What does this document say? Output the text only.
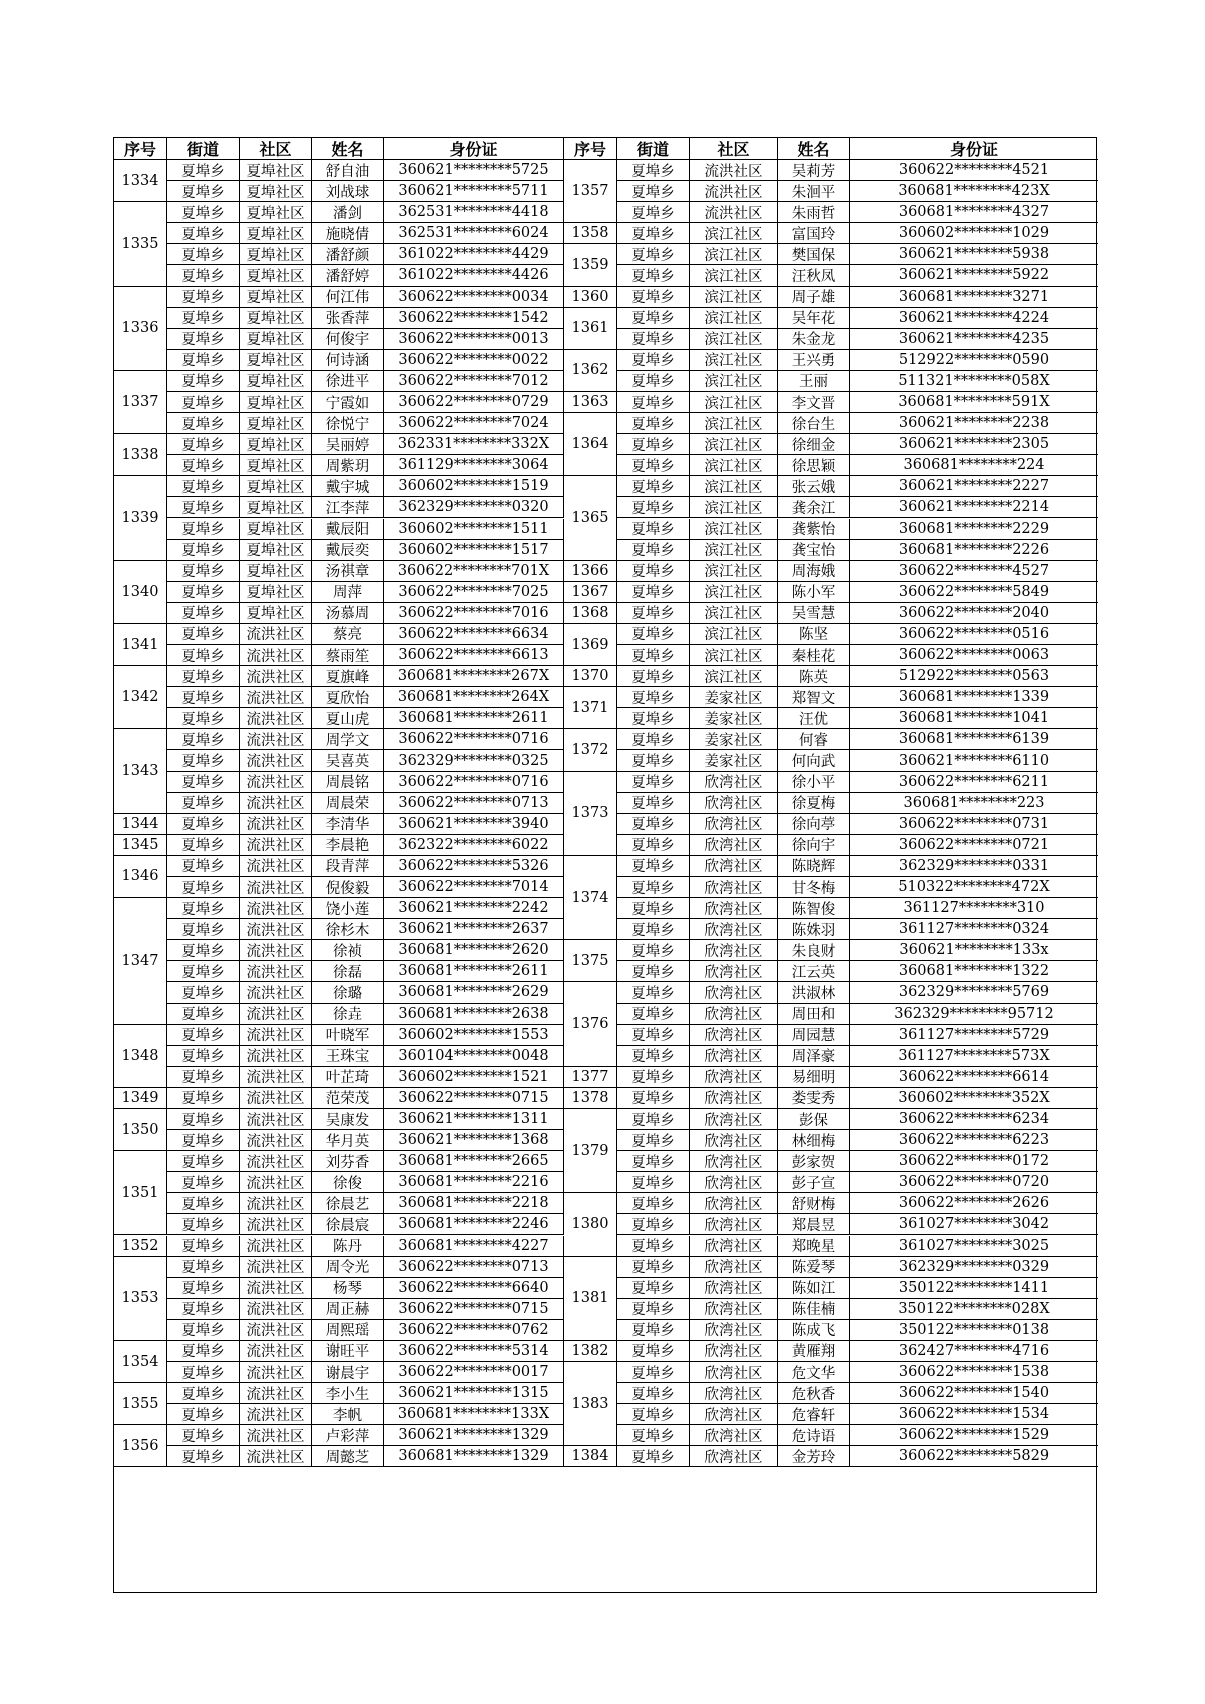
序号	街道	社区	姓名	身份证
1334
夏埠乡	夏埠社区	舒自油	360621********5725
夏埠乡	夏埠社区	刘战球	360621********5711
1335
夏埠乡	夏埠社区	潘剑	362531********4418
夏埠乡	夏埠社区	施晓倩	362531********6024
夏埠乡	夏埠社区	潘舒颜	361022********4429
夏埠乡	夏埠社区	潘舒婷	361022********4426
1336
夏埠乡	夏埠社区	何江伟	360622********0034
夏埠乡	夏埠社区	张香萍	360622********1542
夏埠乡	夏埠社区	何俊宇	360622********0013
夏埠乡	夏埠社区	何诗涵	360622********0022
1337
夏埠乡	夏埠社区	徐进平	360622********7012
夏埠乡	夏埠社区	宁霞如	360622********0729
夏埠乡	夏埠社区	徐悦宁	360622********7024
1338
夏埠乡	夏埠社区	吴丽婷	362331********332X
夏埠乡	夏埠社区	周紫玥	361129********3064
1339
夏埠乡	夏埠社区	戴宇城	360602********1519
夏埠乡	夏埠社区	江李萍	362329********0320
夏埠乡	夏埠社区	戴辰阳	360602********1511
夏埠乡	夏埠社区	戴辰奕	360602********1517
1340
夏埠乡	夏埠社区	汤祺章	360622********701X
夏埠乡	夏埠社区	周萍	360622********7025
夏埠乡	夏埠社区	汤慕周	360622********7016
1341
夏埠乡	流洪社区	蔡亮	360622********6634
夏埠乡	流洪社区	蔡雨笙	360622********6613
1342
夏埠乡	流洪社区	夏旗峰	360681********267X
夏埠乡	流洪社区	夏欣怡	360681********264X
夏埠乡	流洪社区	夏山虎	360681********2611
1343
夏埠乡	流洪社区	周学文	360622********0716
夏埠乡	流洪社区	吴喜英	362329********0325
夏埠乡	流洪社区	周晨铭	360622********0716
夏埠乡	流洪社区	周晨荣	360622********0713
1344	夏埠乡	流洪社区	李清华	360621********3940
1345	夏埠乡	流洪社区	李晨艳	362322********6022
1346
夏埠乡	流洪社区	段青萍	360622********5326
夏埠乡	流洪社区	倪俊毅	360622********7014
1347
夏埠乡	流洪社区	饶小莲	360621********2242
夏埠乡	流洪社区	徐杉木	360621********2637
夏埠乡	流洪社区	徐祯	360681********2620
夏埠乡	流洪社区	徐磊	360681********2611
夏埠乡	流洪社区	徐璐	360681********2629
夏埠乡	流洪社区	徐垚	360681********2638
1348
夏埠乡	流洪社区	叶晓军	360602********1553
夏埠乡	流洪社区	王珠宝	360104********0048
夏埠乡	流洪社区	叶芷琦	360602********1521
1349	夏埠乡	流洪社区	范荣茂	360622********0715
1350
夏埠乡	流洪社区	吴康发	360621********1311
夏埠乡	流洪社区	华月英	360621********1368
1351
夏埠乡	流洪社区	刘芬香	360681********2665
夏埠乡	流洪社区	徐俊	360681********2216
夏埠乡	流洪社区	徐晨艺	360681********2218
夏埠乡	流洪社区	徐晨宸	360681********2246
1352	夏埠乡	流洪社区	陈丹	360681********4227
1353
夏埠乡	流洪社区	周令光	360622********0713
夏埠乡	流洪社区	杨琴	360622********6640
夏埠乡	流洪社区	周正赫	360622********0715
夏埠乡	流洪社区	周熙瑶	360622********0762
1354
夏埠乡	流洪社区	谢旺平	360622********5314
夏埠乡	流洪社区	谢晨宇	360622********0017
1355
夏埠乡	流洪社区	李小生	360621********1315
夏埠乡	流洪社区	李帆	360681********133X
1356
夏埠乡	流洪社区	卢彩萍	360621********1329
夏埠乡	流洪社区	周懿芝	360681********1329
序号	街道	社区	姓名	身份证
1357
夏埠乡	流洪社区	吴莉芳	360622********4521
夏埠乡	流洪社区	朱洄平	360681********423X
夏埠乡	流洪社区	朱雨哲	360681********4327
1358	夏埠乡	滨江社区	富国玲	360602********1029
1359
夏埠乡	滨江社区	樊国保	360621********5938
夏埠乡	滨江社区	汪秋凤	360621********5922
1360	夏埠乡	滨江社区	周子雄	360681********3271
1361
夏埠乡	滨江社区	吴年花	360621********4224
夏埠乡	滨江社区	朱金龙	360621********4235
1362
夏埠乡	滨江社区	王兴勇	512922********0590
夏埠乡	滨江社区	王丽	511321********058X
1363	夏埠乡	滨江社区	李文晋	360681********591X
1364
夏埠乡	滨江社区	徐台生	360621********2238
夏埠乡	滨江社区	徐细金	360621********2305
夏埠乡	滨江社区	徐思颖	360681********224
1365
夏埠乡	滨江社区	张云娥	360621********2227
夏埠乡	滨江社区	龚余江	360621********2214
夏埠乡	滨江社区	龚紫怡	360681********2229
夏埠乡	滨江社区	龚宝怡	360681********2226
1366	夏埠乡	滨江社区	周海娥	360622********4527
1367	夏埠乡	滨江社区	陈小军	360622********5849
1368	夏埠乡	滨江社区	吴雪慧	360622********2040
1369
夏埠乡	滨江社区	陈坚	360622********0516
夏埠乡	滨江社区	秦桂花	360622********0063
1370	夏埠乡	滨江社区	陈英	512922********0563
1371
夏埠乡	姜家社区	郑智文	360681********1339
夏埠乡	姜家社区	汪优	360681********1041
1372
夏埠乡	姜家社区	何睿	360681********6139
夏埠乡	姜家社区	何向武	360621********6110
1373
夏埠乡	欣湾社区	徐小平	360622********6211
夏埠乡	欣湾社区	徐夏梅	360681********223
夏埠乡	欣湾社区	徐向葶	360622********0731
夏埠乡	欣湾社区	徐向宇	360622********0721
1374
夏埠乡	欣湾社区	陈晓辉	362329********0331
夏埠乡	欣湾社区	甘冬梅	510322********472X
夏埠乡	欣湾社区	陈智俊	361127********310
夏埠乡	欣湾社区	陈姝羽	361127********0324
1375
夏埠乡	欣湾社区	朱良财	360621********133x
夏埠乡	欣湾社区	江云英	360681********1322
1376
夏埠乡	欣湾社区	洪淑林	362329********5769
夏埠乡	欣湾社区	周田和	362329********95712
夏埠乡	欣湾社区	周园慧	361127********5729
夏埠乡	欣湾社区	周泽豪	361127********573X
1377	夏埠乡	欣湾社区	易细明	360622********6614
1378	夏埠乡	欣湾社区	娄雯秀	360602********352X
1379
夏埠乡	欣湾社区	彭保	360622********6234
夏埠乡	欣湾社区	林细梅	360622********6223
夏埠乡	欣湾社区	彭家贺	360622********0172
夏埠乡	欣湾社区	彭子宣	360622********0720
1380
夏埠乡	欣湾社区	舒财梅	360622********2626
夏埠乡	欣湾社区	郑晨昱	361027********3042
夏埠乡	欣湾社区	郑晚星	361027********3025
1381
夏埠乡	欣湾社区	陈爱琴	362329********0329
夏埠乡	欣湾社区	陈如江	350122********1411
夏埠乡	欣湾社区	陈佳楠	350122********028X
夏埠乡	欣湾社区	陈成飞	350122********0138
1382	夏埠乡	欣湾社区	黄雁翔	362427********4716
1383
夏埠乡	欣湾社区	危文华	360622********1538
夏埠乡	欣湾社区	危秋香	360622********1540
夏埠乡	欣湾社区	危睿轩	360622********1534
夏埠乡	欣湾社区	危诗语	360622********1529
1384	夏埠乡	欣湾社区	金芳玲	360622********5829
